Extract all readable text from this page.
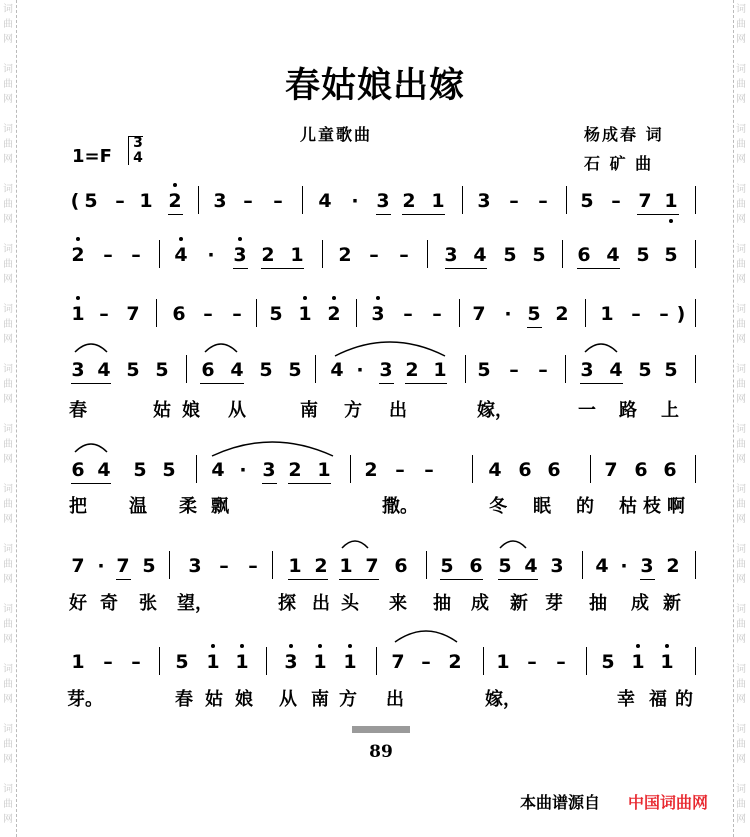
词	词
曲	曲
网	网
词	词
曲	曲
网	网
词	词
曲	曲
网	网
词	词
曲	曲
网	网
词	词
曲	曲
网	网
词	词
曲	曲
网	网
词	词
曲	曲
网	网
词	词
曲	曲
网	网
词	词
曲	曲
网	网
词	词
曲	曲
网	网
词	词
曲	曲
网	网
词	词
曲	曲
网	网
词	词
曲	曲
网	网
词	词
曲	曲
网	网
春姑娘出嫁
儿童歌曲	杨成春 词
石 矿 曲
1=F
3
4
( 5 – 1 2 3 – – 4 · 3 2 1 3 – – 5 – 7 1
2 – – 4 · 3 2 1 2 – – 3 4 5 5 6 4 5 5
1 – 7 6 – – 5 1 2 3 – – 7 · 5 2 1 – – )
3 4 5 5 6 4 5 5 4 · 3 2 1 5 – – 3 4 5 5
春	姑 娘 从	南 方 出	嫁，	一 路 上
6 4 5 5 4 · 3 2 1 2 – –	4 6 6 7 6 6
把 温 柔 飘	撒。	冬 眠 的 枯 枝 啊
7 · 7 5 3 – – 1 2 1 7 6 5 6 5 4 3 4 · 3 2
好 奇 张 望，	探 出 头 来 抽 成 新 芽 抽 成 新
1 – – 5 1 1 3 1 1 7 – 2 1 – – 5 1 1
芽。	春 姑 娘 从 南 方 出	嫁，	幸 福 的
89
本曲谱源自 中国词曲网
